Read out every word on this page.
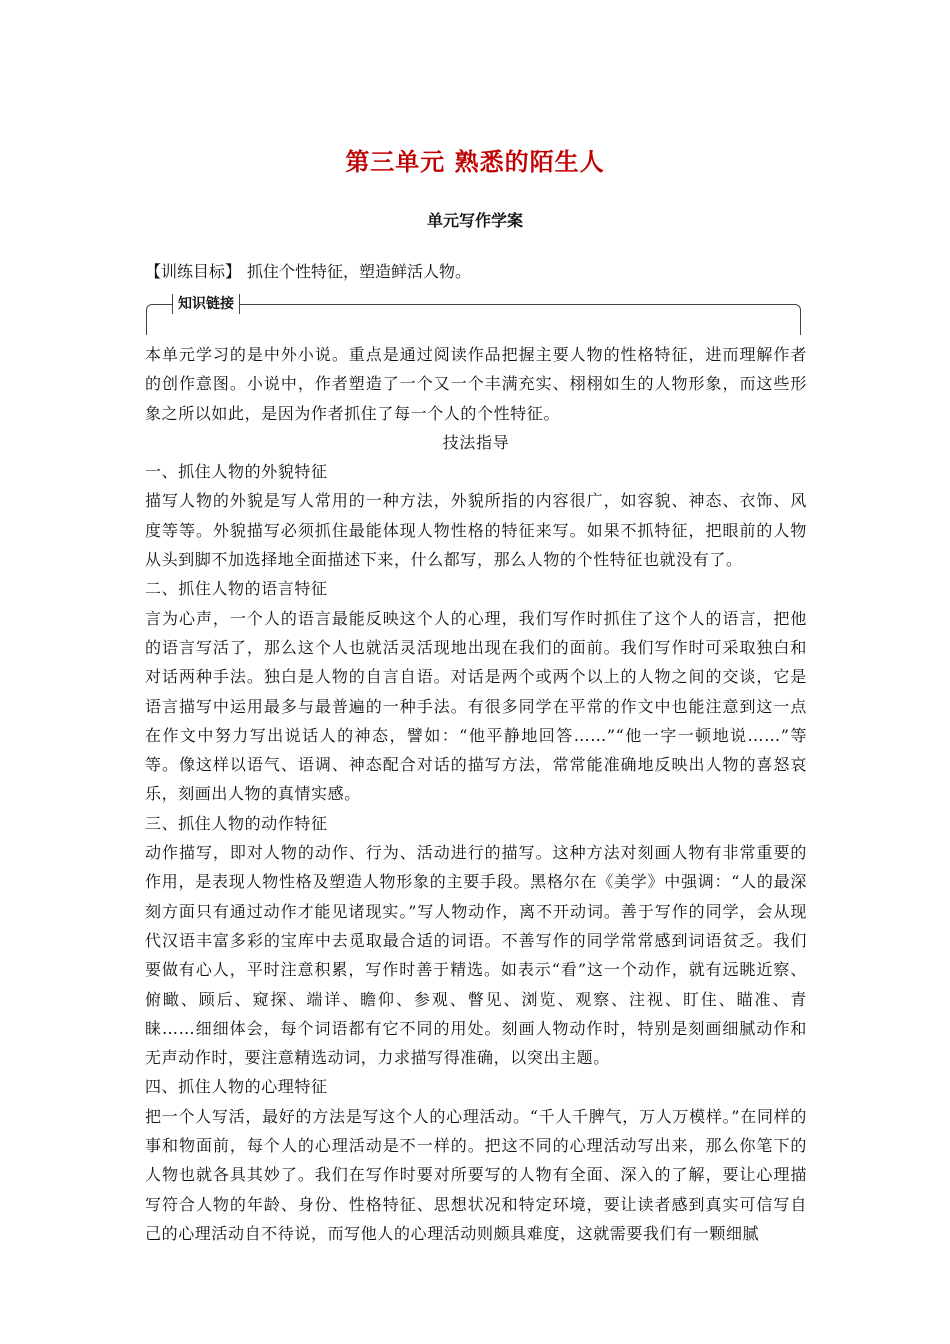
第三单元 熟悉的陌生人
单元写作学案
【训练目标】 抓住个性特征，塑造鲜活人物。
知识链接

本单元学习的是中外小说。重点是通过阅读作品把握主要人物的性格特征，进而理解作者的创作意图。小说中，作者塑造了一个又一个丰满充实、栩栩如生的人物形象，而这些形象之所以如此，是因为作者抓住了每一个人的个性特征。

技法指导

一、抓住人物的外貌特征

描写人物的外貌是写人常用的一种方法，外貌所指的内容很广，如容貌、神态、衣饰、风度等等。外貌描写必须抓住最能体现人物性格的特征来写。如果不抓特征，把眼前的人物从头到脚不加选择地全面描述下来，什么都写，那么人物的个性特征也就没有了。

二、抓住人物的语言特征

言为心声，一个人的语言最能反映这个人的心理，我们写作时抓住了这个人的语言，把他的语言写活了，那么这个人也就活灵活现地出现在我们的面前。我们写作时可采取独白和对话两种手法。独白是人物的自言自语。对话是两个或两个以上的人物之间的交谈，它是语言描写中运用最多与最普遍的一种手法。有很多同学在平常的作文中也能注意到这一点在作文中努力写出说话人的神态，譬如：“他平静地回答……”“他一字一顿地说……”等等。像这样以语气、语调、神态配合对话的描写方法，常常能准确地反映出人物的喜怒哀乐，刻画出人物的真情实感。

三、抓住人物的动作特征

动作描写，即对人物的动作、行为、活动进行的描写。这种方法对刻画人物有非常重要的作用，是表现人物性格及塑造人物形象的主要手段。黑格尔在《美学》中强调：“人的最深刻方面只有通过动作才能见诸现实。”写人物动作，离不开动词。善于写作的同学，会从现代汉语丰富多彩的宝库中去觅取最合适的词语。不善写作的同学常常感到词语贫乏。我们要做有心人，平时注意积累，写作时善于精选。如表示“看”这一个动作，就有远眺近察、俯瞰、顾后、窥探、端详、瞻仰、参观、瞥见、浏览、观察、注视、盯住、瞄准、青睐……细细体会，每个词语都有它不同的用处。刻画人物动作时，特别是刻画细腻动作和无声动作时，要注意精选动词，力求描写得准确，以突出主题。

四、抓住人物的心理特征

把一个人写活，最好的方法是写这个人的心理活动。“千人千脾气，万人万模样。”在同样的事和物面前，每个人的心理活动是不一样的。把这不同的心理活动写出来，那么你笔下的人物也就各具其妙了。我们在写作时要对所要写的人物有全面、深入的了解，要让心理描写符合人物的年龄、身份、性格特征、思想状况和特定环境，要让读者感到真实可信写自己的心理活动自不待说，而写他人的心理活动则颇具难度，这就需要我们有一颗细腻
